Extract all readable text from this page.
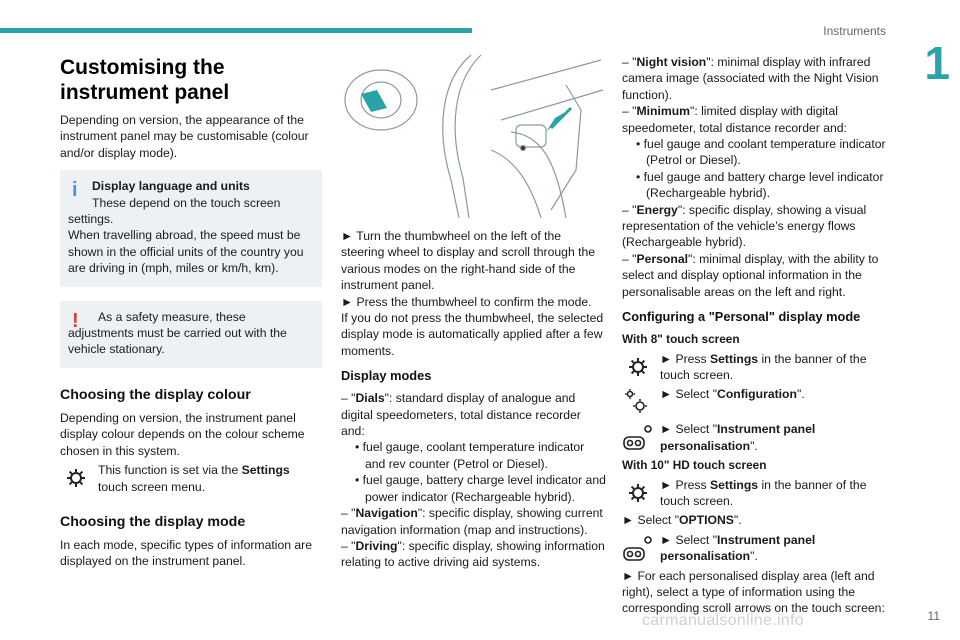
Instruments
1
Customising the instrument panel

Depending on version, the appearance of the instrument panel may be customisable (colour and/or display mode).

i	Display language and units

These depend on the touch screen settings.

When travelling abroad, the speed must be shown in the official units of the country you are driving in (mph, miles or km/h, km).

!	As a safety measure, these adjustments must be carried out with the vehicle stationary.

Choosing the display colour

Depending on version, the instrument panel display colour depends on the colour scheme chosen in this system.

This function is set via the Settings touch screen menu.

Choosing the display mode

In each mode, specific types of information are displayed on the instrument panel.

► Turn the thumbwheel on the left of the steering wheel to display and scroll through the various modes on the right-hand side of the instrument panel.

► Press the thumbwheel to confirm the mode.

If you do not press the thumbwheel, the selected display mode is automatically applied after a few moments.

Display modes

– "Dials": standard display of analogue and digital speedometers, total distance recorder and:

• fuel gauge, coolant temperature indicator and rev counter (Petrol or Diesel).

• fuel gauge, battery charge level indicator and power indicator (Rechargeable hybrid).

– "Navigation": specific display, showing current navigation information (map and instructions).

– "Driving": specific display, showing information relating to active driving aid systems.

– "Night vision": minimal display with infrared camera image (associated with the Night Vision function).

– "Minimum": limited display with digital speedometer, total distance recorder and:

• fuel gauge and coolant temperature indicator (Petrol or Diesel).

• fuel gauge and battery charge level indicator (Rechargeable hybrid).

– "Energy": specific display, showing a visual representation of the vehicle’s energy flows (Rechargeable hybrid).

– "Personal": minimal display, with the ability to select and display optional information in the personalisable areas on the left and right.

Configuring a "Personal" display mode

With 8" touch screen

► Press Settings in the banner of the touch screen.

► Select "Configuration".

► Select "Instrument panel personalisation".

With 10" HD touch screen

► Press Settings in the banner of the touch screen.

► Select "OPTIONS".

► Select "Instrument panel personalisation".

► For each personalised display area (left and right), select a type of information using the corresponding scroll arrows on the touch screen:

carmanualsonline.info	11
